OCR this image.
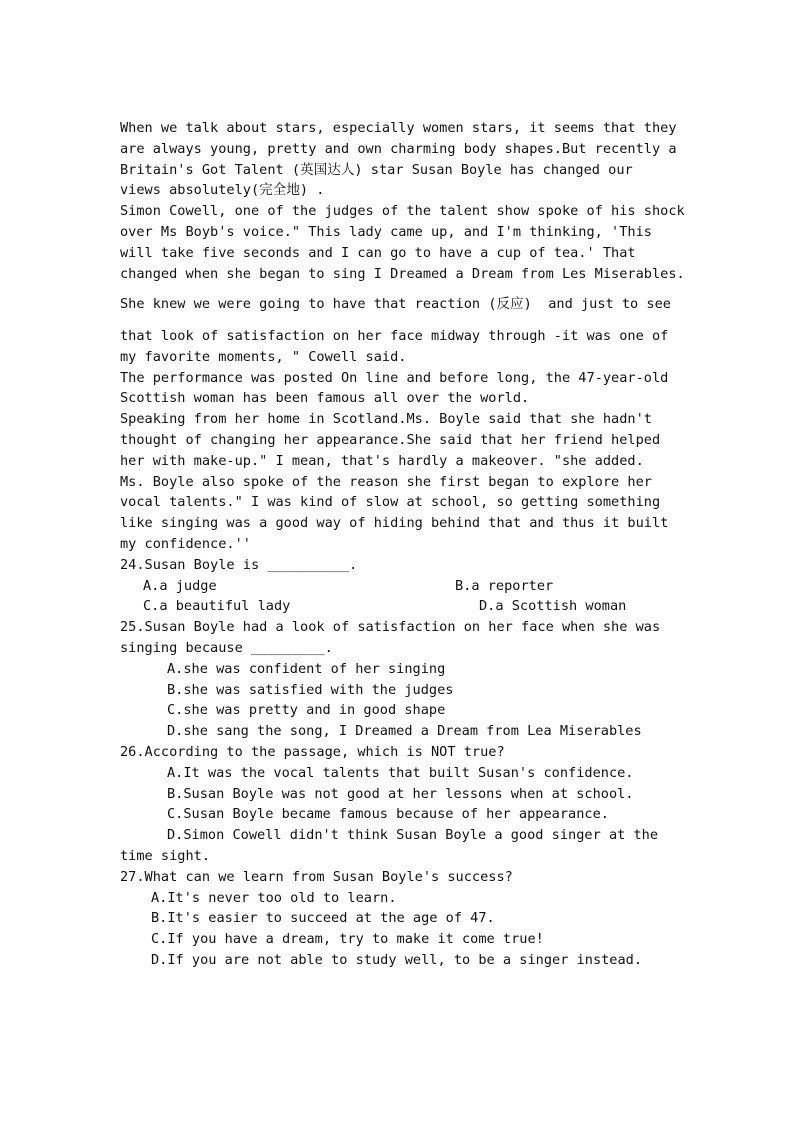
When we talk about stars, especially women stars, it seems that they
are always young, pretty and own charming body shapes.But recently a
Britain's Got Talent (英国达人) star Susan Boyle has changed our
views absolutely(完全地) .
Simon Cowell, one of the judges of the talent show spoke of his shock
over Ms Boyb's voice." This lady came up, and I'm thinking, 'This
will take five seconds and I can go to have a cup of tea.' That
changed when she began to sing I Dreamed a Dream from Les Miserables.
She knew we were going to have that reaction (反应)  and just to see
that look of satisfaction on her face midway through -it was one of
my favorite moments, " Cowell said.
The performance was posted On line and before long, the 47-year-old
Scottish woman has been famous all over the world.
Speaking from her home in Scotland.Ms. Boyle said that she hadn't
thought of changing her appearance.She said that her friend helped
her with make-up." I mean, that's hardly a makeover. "she added.
Ms. Boyle also spoke of the reason she first began to explore her
vocal talents." I was kind of slow at school, so getting something
like singing was a good way of hiding behind that and thus it built
my confidence.''
24.Susan Boyle is __________.
A.a judge	B.a reporter
C.a beautiful lady	D.a Scottish woman
25.Susan Boyle had a look of satisfaction on her face when she was
singing because _________.
A.she was confident of her singing
B.she was satisfied with the judges
C.she was pretty and in good shape
D.she sang the song, I Dreamed a Dream from Lea Miserables
26.According to the passage, which is NOT true?
A.It was the vocal talents that built Susan's confidence.
B.Susan Boyle was not good at her lessons when at school.
C.Susan Boyle became famous because of her appearance.
D.Simon Cowell didn't think Susan Boyle a good singer at the
time sight.
27.What can we learn from Susan Boyle's success?
A.It's never too old to learn.
B.It's easier to succeed at the age of 47.
C.If you have a dream, try to make it come true!
D.If you are not able to study well, to be a singer instead.
